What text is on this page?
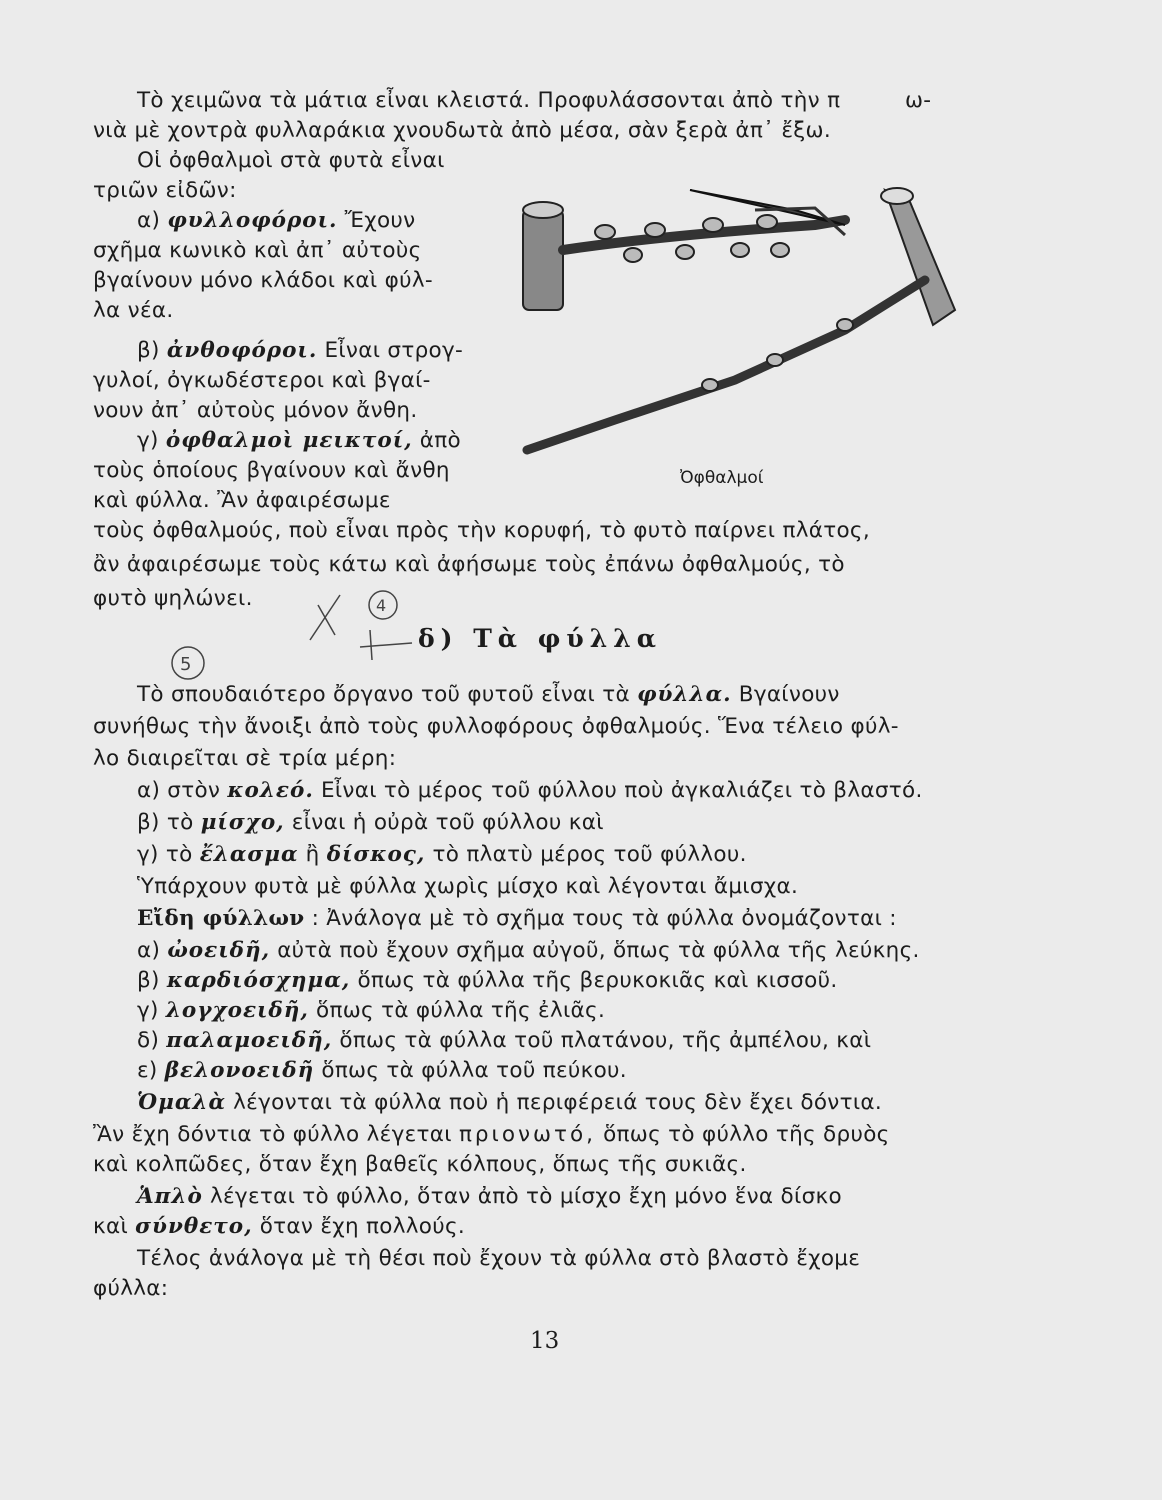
Τὸ χειμῶνα τὰ μάτια εἶναι κλειστά. Προφυλάσσονται ἀπὸ τὴν π	ω-
νιὰ μὲ χοντρὰ φυλλαράκια χνουδωτὰ ἀπὸ μέσα, σὰν ξερὰ ἀπ᾽ ἔξω.
Οἱ ὀφθαλμοὶ στὰ φυτὰ εἶναι
τριῶν εἰδῶν:
α) φυλλοφόροι. Ἔχουν
σχῆμα κωνικὸ καὶ ἀπ᾽ αὐτοὺς
βγαίνουν μόνο κλάδοι καὶ φύλ-
λα νέα.
β) ἀνθοφόροι. Εἶναι στρογ-
γυλοί, ὀγκωδέστεροι καὶ βγαί-
νουν ἀπ᾽ αὐτοὺς μόνον ἄνθη.
γ) ὀφθαλμοὶ μεικτοί, ἀπὸ
τοὺς ὁποίους βγαίνουν καὶ ἄνθη
καὶ φύλλα. Ἂν ἀφαιρέσωμε
τοὺς ὀφθαλμούς, ποὺ εἶναι πρὸς τὴν κορυφή, τὸ φυτὸ παίρνει πλάτος,
ἂν ἀφαιρέσωμε τοὺς κάτω καὶ ἀφήσωμε τοὺς ἐπάνω ὀφθαλμούς, τὸ
φυτὸ ψηλώνει.
Ὀφθαλμοί
4
5
δ) Τὰ φύλλα
Τὸ σπουδαιότερο ὄργανο τοῦ φυτοῦ εἶναι τὰ φύλλα. Βγαίνουν
συνήθως τὴν ἄνοιξι ἀπὸ τοὺς φυλλοφόρους ὀφθαλμούς. Ἕνα τέλειο φύλ-
λο διαιρεῖται σὲ τρία μέρη:
α) στὸν κολεό. Εἶναι τὸ μέρος τοῦ φύλλου ποὺ ἀγκαλιάζει τὸ βλαστό.
β) τὸ μίσχο, εἶναι ἡ οὐρὰ τοῦ φύλλου καὶ
γ) τὸ ἔλασμα ἢ δίσκος, τὸ πλατὺ μέρος τοῦ φύλλου.
Ὑπάρχουν φυτὰ μὲ φύλλα χωρὶς μίσχο καὶ λέγονται ἄμισχα.
Εἴδη φύλλων : Ἀνάλογα μὲ τὸ σχῆμα τους τὰ φύλλα ὀνομάζονται :
α) ὠοειδῆ, αὐτὰ ποὺ ἔχουν σχῆμα αὐγοῦ, ὅπως τὰ φύλλα τῆς λεύκης.
β) καρδιόσχημα, ὅπως τὰ φύλλα τῆς βερυκοκιᾶς καὶ κισσοῦ.
γ) λογχοειδῆ, ὅπως τὰ φύλλα τῆς ἐλιᾶς.
δ) παλαμοειδῆ, ὅπως τὰ φύλλα τοῦ πλατάνου, τῆς ἀμπέλου, καὶ
ε) βελονοειδῆ ὅπως τὰ φύλλα τοῦ πεύκου.
Ὁμαλὰ λέγονται τὰ φύλλα ποὺ ἡ περιφέρειά τους δὲν ἔχει δόντια.
Ἂν ἔχη δόντια τὸ φύλλο λέγεται πριονωτό, ὅπως τὸ φύλλο τῆς δρυὸς
καὶ κολπῶδες, ὅταν ἔχη βαθεῖς κόλπους, ὅπως τῆς συκιᾶς.
Ἁπλὸ λέγεται τὸ φύλλο, ὅταν ἀπὸ τὸ μίσχο ἔχη μόνο ἕνα δίσκο
καὶ σύνθετο, ὅταν ἔχη πολλούς.
Τέλος ἀνάλογα μὲ τὴ θέσι ποὺ ἔχουν τὰ φύλλα στὸ βλαστὸ ἔχομε
φύλλα:
13
